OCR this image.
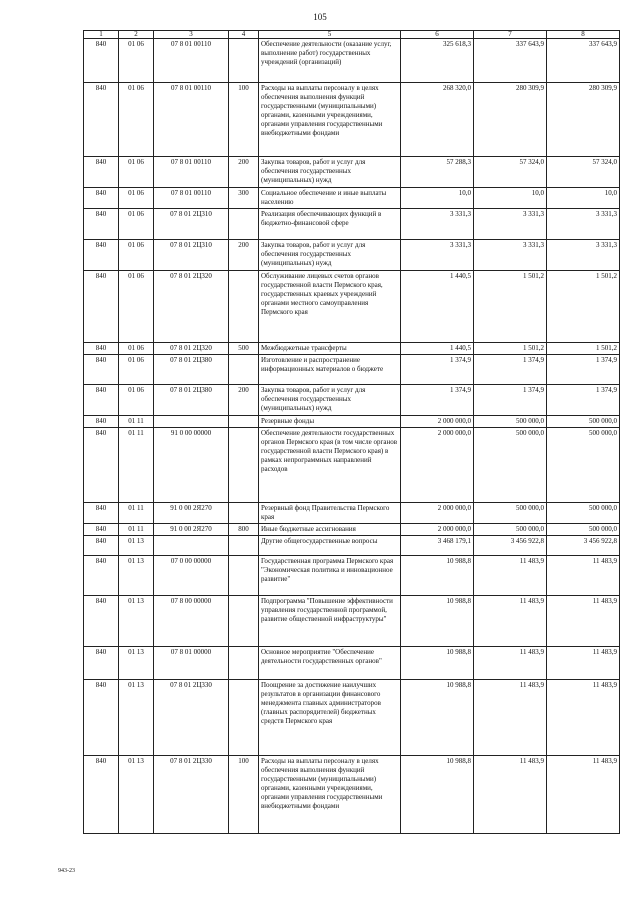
105
1	2	3	4	5	6	7	8
840	01 06	07 8 01 00110		Обеспечение деятельности (оказание услуг, выполнение работ) государственных учреждений (организаций)	325 618,3	337 643,9	337 643,9
840	01 06	07 8 01 00110	100	Расходы на выплаты персоналу в целях обеспечения выполнения функций государственными (муниципальными) органами, казенными учреждениями, органами управления государственными внебюджетными фондами	268 320,0	280 309,9	280 309,9
840	01 06	07 8 01 00110	200	Закупка товаров, работ и услуг для обеспечения государственных (муниципальных) нужд	57 288,3	57 324,0	57 324,0
840	01 06	07 8 01 00110	300	Социальное обеспечение и иные выплаты населению	10,0	10,0	10,0
840	01 06	07 8 01 2Ц310		Реализация обеспечивающих функций в бюджетно-финансовой сфере	3 331,3	3 331,3	3 331,3
840	01 06	07 8 01 2Ц310	200	Закупка товаров, работ и услуг для обеспечения государственных (муниципальных) нужд	3 331,3	3 331,3	3 331,3
840	01 06	07 8 01 2Ц320		Обслуживание лицевых счетов органов государственной власти Пермского края, государственных краевых учреждений органами местного самоуправления Пермского края	1 440,5	1 501,2	1 501,2
840	01 06	07 8 01 2Ц320	500	Межбюджетные трансферты	1 440,5	1 501,2	1 501,2
840	01 06	07 8 01 2Ц380		Изготовление и распространение информационных материалов о бюджете	1 374,9	1 374,9	1 374,9
840	01 06	07 8 01 2Ц380	200	Закупка товаров, работ и услуг для обеспечения государственных (муниципальных) нужд	1 374,9	1 374,9	1 374,9
840	01 11			Резервные фонды	2 000 000,0	500 000,0	500 000,0
840	01 11	91 0 00 00000		Обеспечение деятельности государственных органов Пермского края (в том числе органов государственной власти Пермского края) в рамках непрограммных направлений расходов	2 000 000,0	500 000,0	500 000,0
840	01 11	91 0 00 2Я270		Резервный фонд Правительства Пермского края	2 000 000,0	500 000,0	500 000,0
840	01 11	91 0 00 2Я270	800	Иные бюджетные ассигнования	2 000 000,0	500 000,0	500 000,0
840	01 13			Другие общегосударственные вопросы	3 468 179,1	3 456 922,8	3 456 922,8
840	01 13	07 0 00 00000		Государственная программа Пермского края "Экономическая политика и инновационное развитие"	10 988,8	11 483,9	11 483,9
840	01 13	07 8 00 00000		Подпрограмма "Повышение эффективности управления государственной программой, развитие общественной инфраструктуры"	10 988,8	11 483,9	11 483,9
840	01 13	07 8 01 00000		Основное мероприятие "Обеспечение деятельности государственных органов"	10 988,8	11 483,9	11 483,9
840	01 13	07 8 01 2Ц330		Поощрение за достижение наилучших результатов в организации финансового менеджмента главных администраторов (главных распорядителей) бюджетных средств Пермского края	10 988,8	11 483,9	11 483,9
840	01 13	07 8 01 2Ц330	100	Расходы на выплаты персоналу в целях обеспечения выполнения функций государственными (муниципальными) органами, казенными учреждениями, органами управления государственными внебюджетными фондами	10 988,8	11 483,9	11 483,9
943-23
